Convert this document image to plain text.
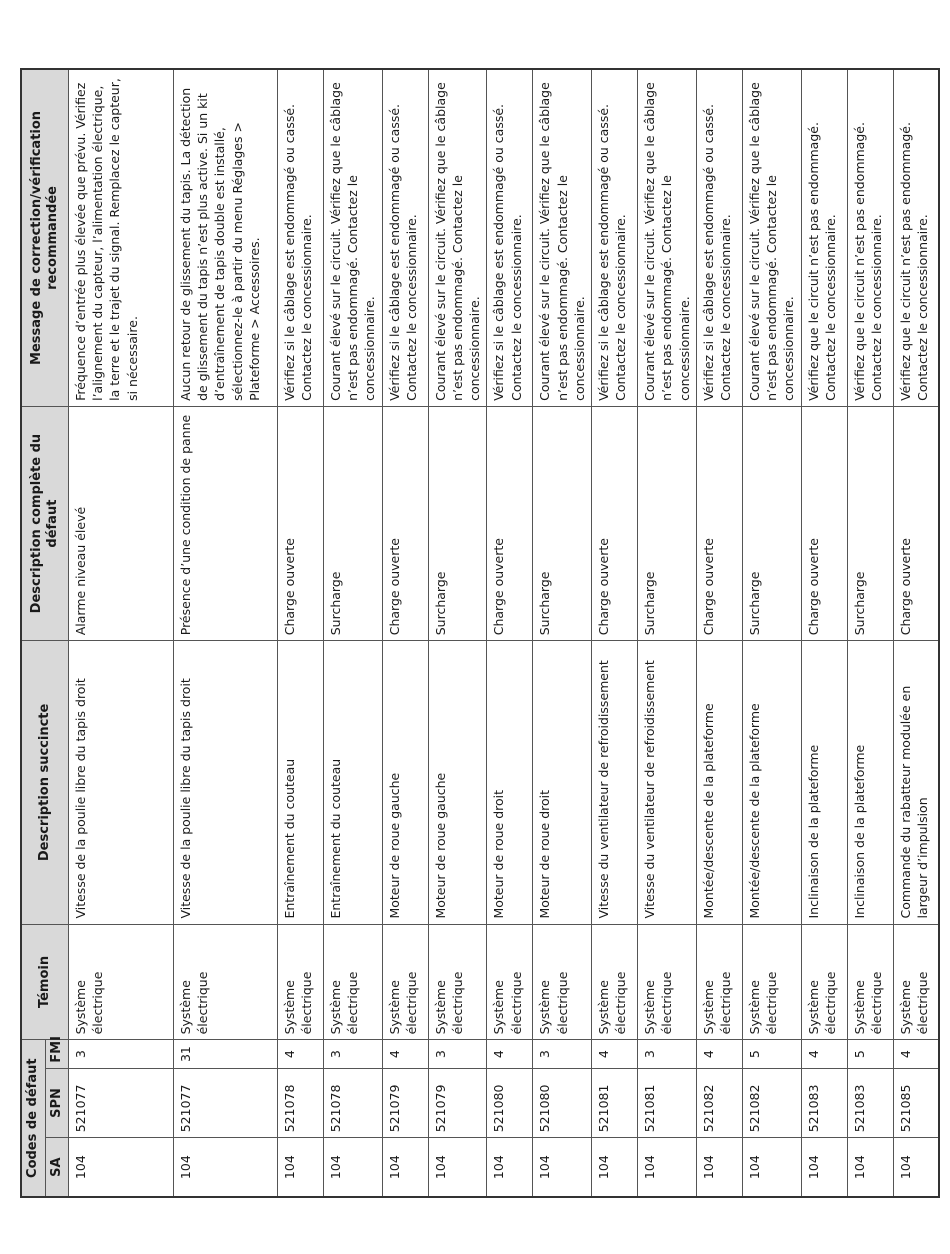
Codes de défaut			Témoin	Description succincte	Description complète du défaut	Message de correction/vérification recommandée
SA	SPN	FMI				
104	521077	3	Système électrique	Vitesse de la poulie libre du tapis droit	Alarme niveau élevé	Fréquence d’entrée plus élevée que prévu. Vérifiez l’alignement du capteur, l’alimentation électrique, la terre et le trajet du signal. Remplacez le capteur, si nécessaire.
104	521077	31	Système électrique	Vitesse de la poulie libre du tapis droit	Présence d’une condition de panne	Aucun retour de glissement du tapis. La détection de glissement du tapis n’est plus active. Si un kit d’entraînement de tapis double est installé, sélectionnez-le à partir du menu Réglages > Plateforme > Accessoires.
104	521078	4	Système électrique	Entraînement du couteau	Charge ouverte	Vérifiez si le câblage est endommagé ou cassé. Contactez le concessionnaire.
104	521078	3	Système électrique	Entraînement du couteau	Surcharge	Courant élevé sur le circuit. Vérifiez que le câblage n’est pas endommagé. Contactez le concessionnaire.
104	521079	4	Système électrique	Moteur de roue gauche	Charge ouverte	Vérifiez si le câblage est endommagé ou cassé. Contactez le concessionnaire.
104	521079	3	Système électrique	Moteur de roue gauche	Surcharge	Courant élevé sur le circuit. Vérifiez que le câblage n’est pas endommagé. Contactez le concessionnaire.
104	521080	4	Système électrique	Moteur de roue droit	Charge ouverte	Vérifiez si le câblage est endommagé ou cassé. Contactez le concessionnaire.
104	521080	3	Système électrique	Moteur de roue droit	Surcharge	Courant élevé sur le circuit. Vérifiez que le câblage n’est pas endommagé. Contactez le concessionnaire.
104	521081	4	Système électrique	Vitesse du ventilateur de refroidissement	Charge ouverte	Vérifiez si le câblage est endommagé ou cassé. Contactez le concessionnaire.
104	521081	3	Système électrique	Vitesse du ventilateur de refroidissement	Surcharge	Courant élevé sur le circuit. Vérifiez que le câblage n’est pas endommagé. Contactez le concessionnaire.
104	521082	4	Système électrique	Montée/descente de la plateforme	Charge ouverte	Vérifiez si le câblage est endommagé ou cassé. Contactez le concessionnaire.
104	521082	5	Système électrique	Montée/descente de la plateforme	Surcharge	Courant élevé sur le circuit. Vérifiez que le câblage n’est pas endommagé. Contactez le concessionnaire.
104	521083	4	Système électrique	Inclinaison de la plateforme	Charge ouverte	Vérifiez que le circuit n’est pas endommagé. Contactez le concessionnaire.
104	521083	5	Système électrique	Inclinaison de la plateforme	Surcharge	Vérifiez que le circuit n’est pas endommagé. Contactez le concessionnaire.
104	521085	4	Système électrique	Commande du rabatteur modulée en largeur d’impulsion	Charge ouverte	Vérifiez que le circuit n’est pas endommagé. Contactez le concessionnaire.
